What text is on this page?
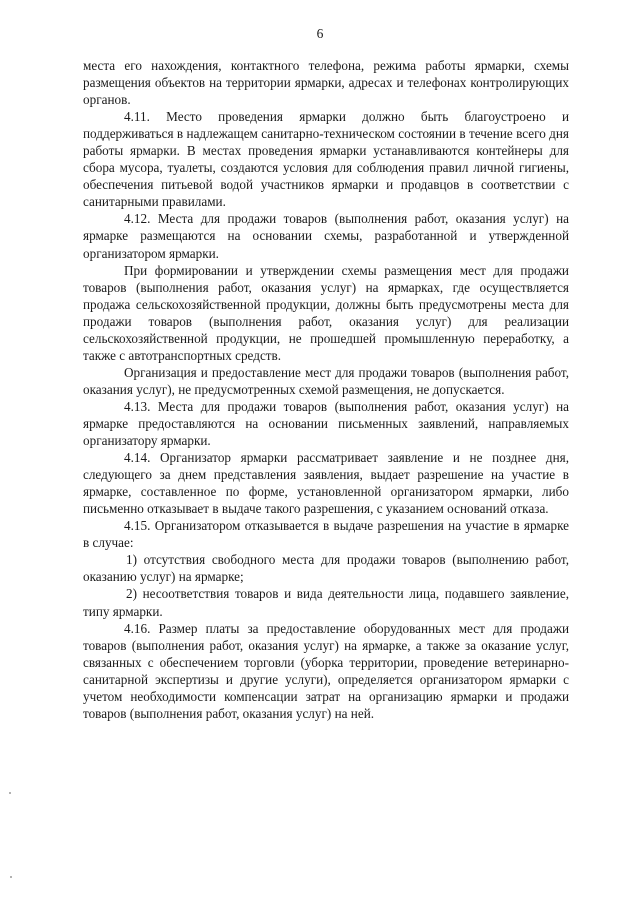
6

места его нахождения, контактного телефона, режима работы ярмарки, схемы размещения объектов на территории ярмарки, адресах и телефонах контролирующих органов.

4.11. Место проведения ярмарки должно быть благоустроено и поддерживаться в надлежащем санитарно-техническом состоянии в течение всего дня работы ярмарки. В местах проведения ярмарки устанавливаются контейнеры для сбора мусора, туалеты, создаются условия для соблюдения правил личной гигиены, обеспечения питьевой водой участников ярмарки и продавцов в соответствии с санитарными правилами.

4.12. Места для продажи товаров (выполнения работ, оказания услуг) на ярмарке размещаются на основании схемы, разработанной и утвержденной организатором ярмарки.

При формировании и утверждении схемы размещения мест для продажи товаров (выполнения работ, оказания услуг) на ярмарках, где осуществляется продажа сельскохозяйственной продукции, должны быть предусмотрены места для продажи товаров (выполнения работ, оказания услуг) для реализации сельскохозяйственной продукции, не прошедшей промышленную переработку, а также с автотранспортных средств.

Организация и предоставление мест для продажи товаров (выполнения работ, оказания услуг), не предусмотренных схемой размещения, не допускается.

4.13. Места для продажи товаров (выполнения работ, оказания услуг) на ярмарке предоставляются на основании письменных заявлений, направляемых организатору ярмарки.

4.14. Организатор ярмарки рассматривает заявление и не позднее дня, следующего за днем представления заявления, выдает разрешение на участие в ярмарке, составленное по форме, установленной организатором ярмарки, либо письменно отказывает в выдаче такого разрешения, с указанием оснований отказа.

4.15. Организатором отказывается в выдаче разрешения на участие в ярмарке в случае:

1) отсутствия свободного места для продажи товаров (выполнению работ, оказанию услуг) на ярмарке;

2) несоответствия товаров и вида деятельности лица, подавшего заявление, типу ярмарки.

4.16. Размер платы за предоставление оборудованных мест для продажи товаров (выполнения работ, оказания услуг) на ярмарке, а также за оказание услуг, связанных с обеспечением торговли (уборка территории, проведение ветеринарно-санитарной экспертизы и другие услуги), определяется организатором ярмарки с учетом необходимости компенсации затрат на организацию ярмарки и продажи товаров (выполнения работ, оказания услуг) на ней.
